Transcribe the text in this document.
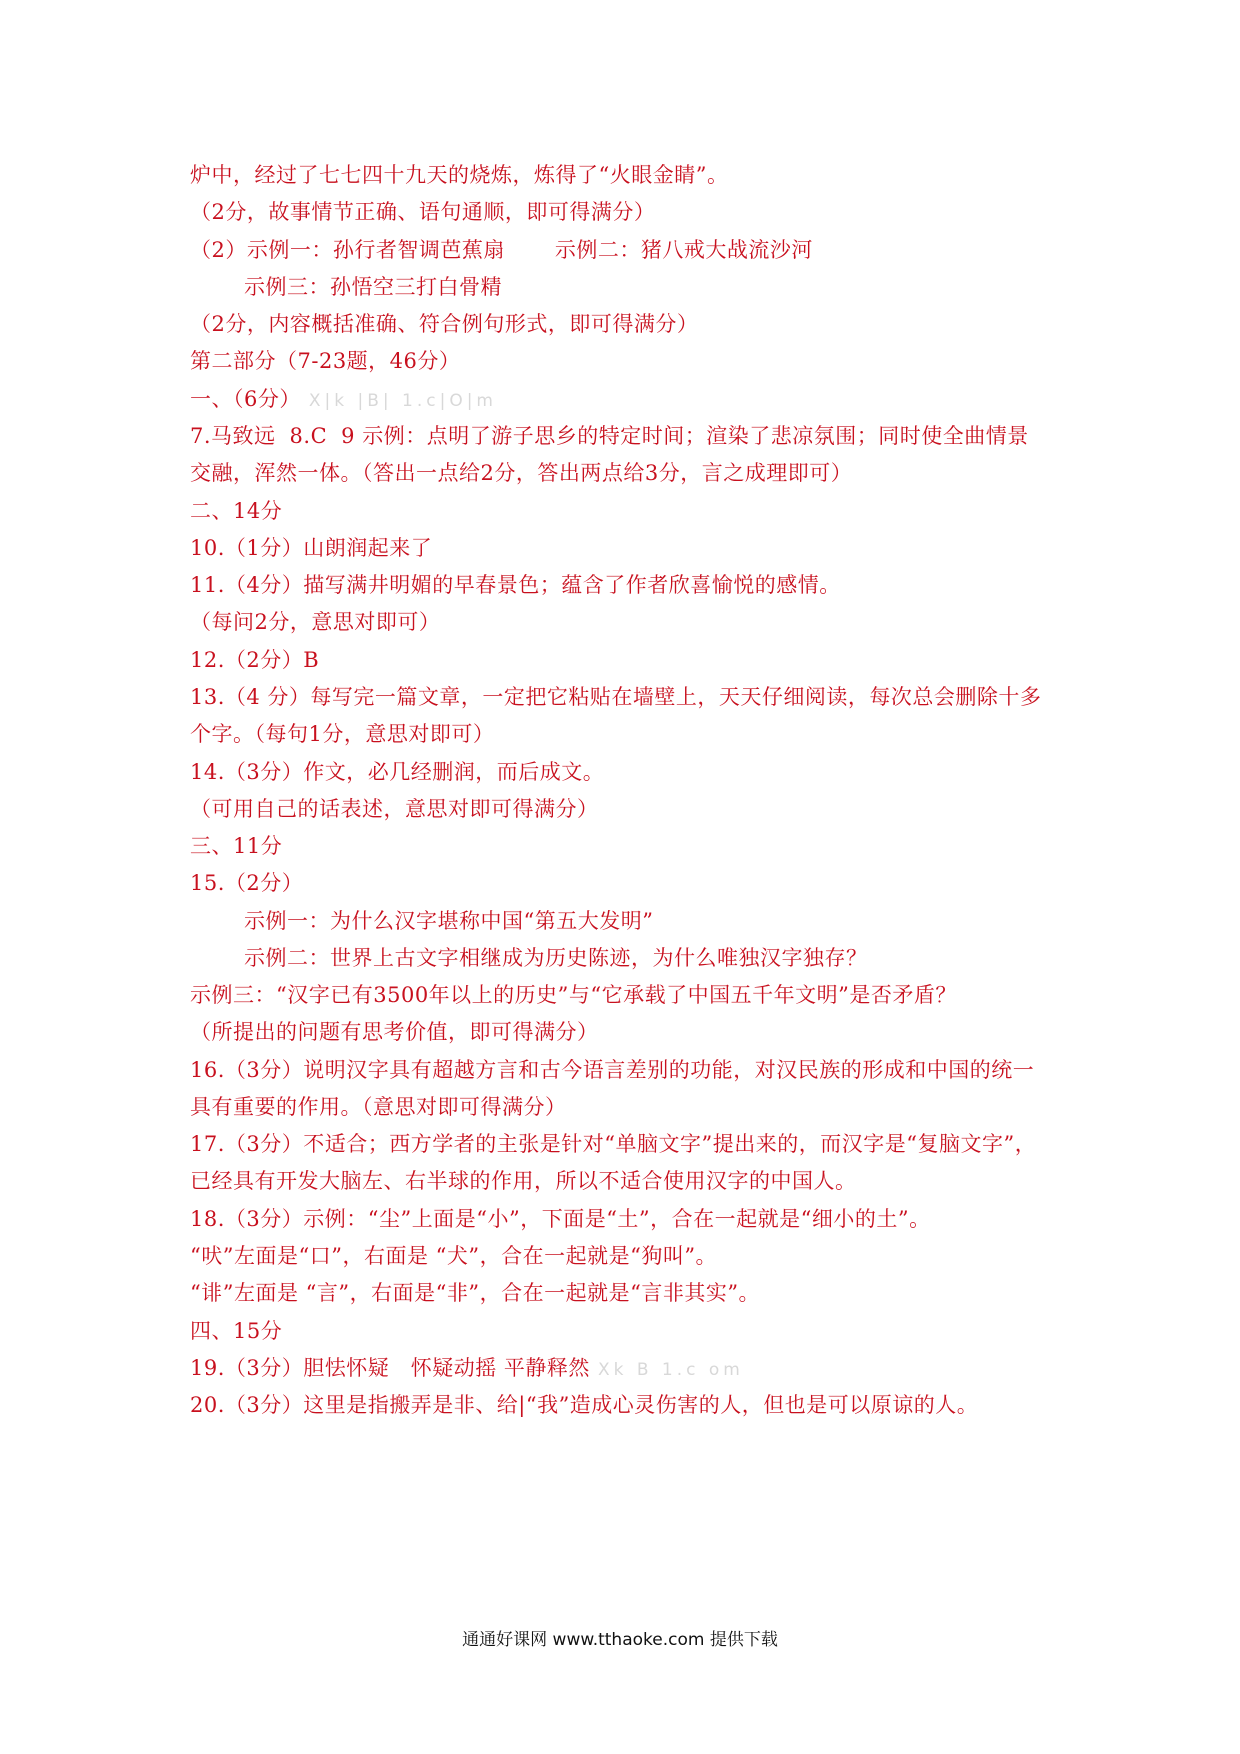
炉中，经过了七七四十九天的烧炼，炼得了“火眼金睛”。
（2分，故事情节正确、语句通顺，即可得满分）
（2）示例一：孙行者智调芭蕉扇 示例二：猪八戒大战流沙河
示例三：孙悟空三打白骨精
（2分，内容概括准确、符合例句形式，即可得满分）
第二部分（7-23题，46分）
一、（6分） X|k |B| 1.c|O|m
7.马致远 8.C 9 示例：点明了游子思乡的特定时间；渲染了悲凉氛围；同时使全曲情景
交融，浑然一体。（答出一点给2分，答出两点给3分，言之成理即可）
二、14分
10.（1分）山朗润起来了
11.（4分）描写满井明媚的早春景色；蕴含了作者欣喜愉悦的感情。
（每问2分，意思对即可）
12.（2分）B
13.（4 分）每写完一篇文章，一定把它粘贴在墙壁上，天天仔细阅读，每次总会删除十多
个字。（每句1分，意思对即可）
14.（3分）作文，必几经删润，而后成文。
（可用自己的话表述，意思对即可得满分）
三、11分
15.（2分）
示例一：为什么汉字堪称中国“第五大发明”
示例二：世界上古文字相继成为历史陈迹，为什么唯独汉字独存？
示例三：“汉字已有3500年以上的历史”与“它承载了中国五千年文明”是否矛盾？
（所提出的问题有思考价值，即可得满分）
16.（3分）说明汉字具有超越方言和古今语言差别的功能，对汉民族的形成和中国的统一
具有重要的作用。（意思对即可得满分）
17.（3分）不适合；西方学者的主张是针对“单脑文字”提出来的，而汉字是“复脑文字”，
已经具有开发大脑左、右半球的作用，所以不适合使用汉字的中国人。
18.（3分）示例：“尘”上面是“小”，下面是“土”，合在一起就是“细小的土”。
“吠”左面是“口”，右面是 “犬”，合在一起就是“狗叫”。
“诽”左面是 “言”，右面是“非”，合在一起就是“言非其实”。
四、15分
19.（3分）胆怯怀疑　怀疑动摇 平静释然 Xk B 1.c om
20.（3分）这里是指搬弄是非、给|“我”造成心灵伤害的人，但也是可以原谅的人。
通通好课网 www.tthaoke.com 提供下载
